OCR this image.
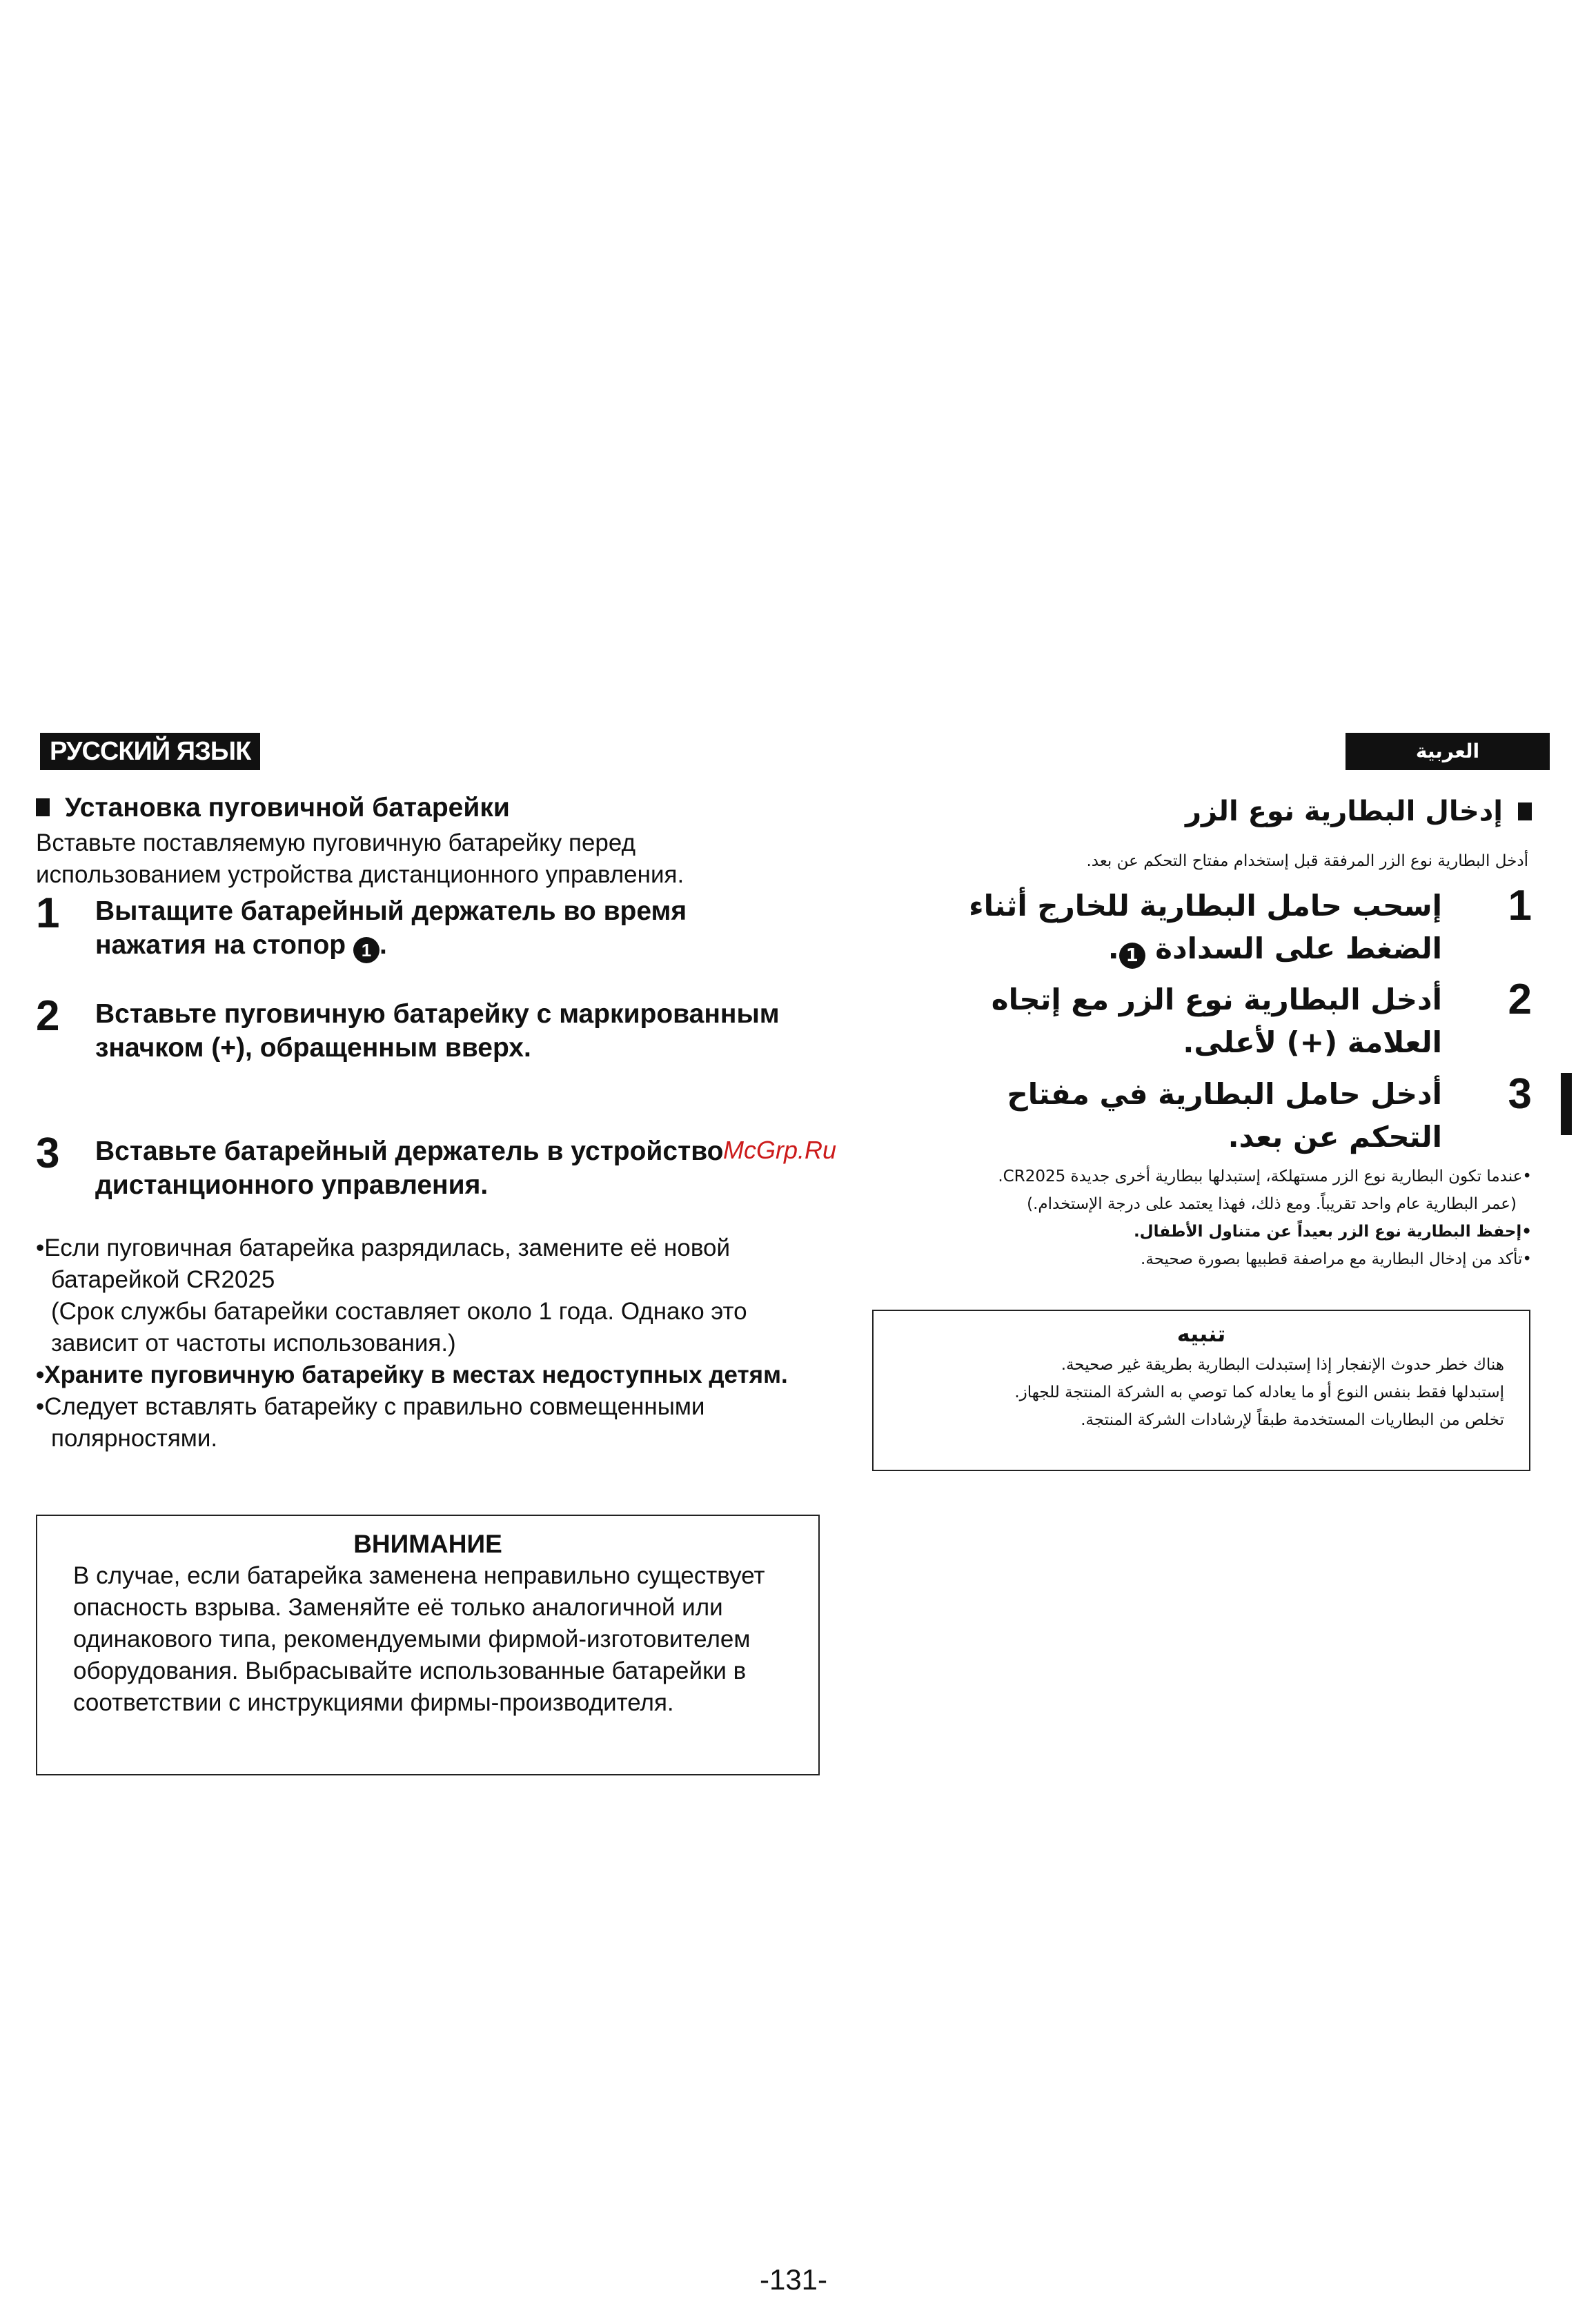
РУССКИЙ ЯЗЫК
Установка пуговичной батарейки
Вставьте поставляемую пуговичную батарейку перед использованием устройства дистанционного управления.
1	Вытащите батарейный держатель во время нажатия на стопор 1 .
2	Вставьте пуговичную батарейку с маркированным значком (+), обращенным вверх.
3	Вставьте батарейный держатель в устройство дистанционного управления.
•Если пуговичная батарейка разрядилась, замените её новой батарейкой CR2025
(Срок службы батарейки составляет около 1 года. Однако это зависит от частоты использования.)
•Храните пуговичную батарейку в местах недоступных детям.
•Следует вставлять батарейку с правильно совмещенными полярностями.
ВНИМАНИЕ
В случае, если батарейка заменена неправильно существует опасность взрыва. Заменяйте её только аналогичной или одинакового типа, рекомендуемыми фирмой-изготовителем оборудования. Выбрасывайте использованные батарейки в соответствии с инструкциями фирмы-производителя.
العربية
إدخال البطارية نوع الزر
أدخل البطارية نوع الزر المرفقة قبل إستخدام مفتاح التحكم عن بعد.
1
إسحب حامل البطارية للخارج أثناء الضغط على السدادة 1.
2
أدخل البطارية نوع الزر مع إتجاه العلامة (+) لأعلى.
3
أدخل حامل البطارية في مفتاح التحكم عن بعد.
•عندما تكون البطارية نوع الزر مستهلكة، إستبدلها ببطارية أخرى جديدة CR2025.
(عمر البطارية عام واحد تقريباً. ومع ذلك، فهذا يعتمد على درجة الإستخدام.)
•إحفظ البطارية نوع الزر بعيداً عن متناول الأطفال.
•تأكد من إدخال البطارية مع مراصفة قطبيها بصورة صحيحة.
تنبيه
هناك خطر حدوث الإنفجار إذا إستبدلت البطارية بطريقة غير صحيحة.
إستبدلها فقط بنفس النوع أو ما يعادله كما توصي به الشركة المنتجة للجهاز.
تخلص من البطاريات المستخدمة طبقاً لإرشادات الشركة المنتجة.
McGrp.Ru
-131-
